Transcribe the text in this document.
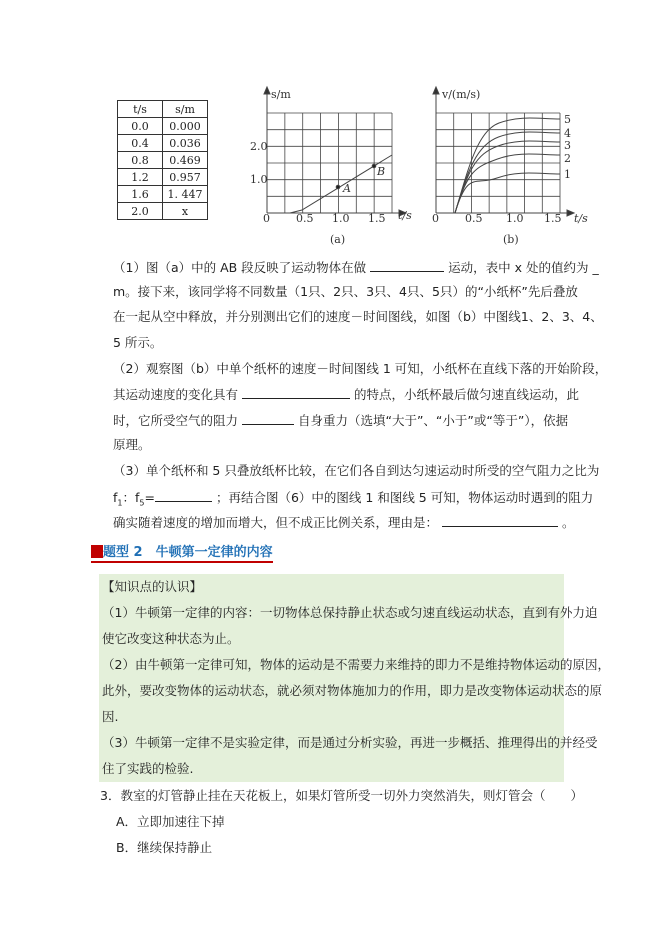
t/s	s/m
0.0	0.000
0.4	0.036
0.8	0.469
1.2	0.957
1.6	1. 447
2.0	x
s/m
t/s
1.0
2.0
0 0.5 1.0 1.5
A
B
(a)
v/(m/s)
t/s
0 0.5 1.0 1.5
5
4
3
2
1
(b)
（1）图（a）中的 AB 段反映了运动物体在做	运动，表中 x 处的值约为 _
m。接下来，该同学将不同数量（1只、2只、3只、4只、5只）的“小纸杯”先后叠放
在一起从空中释放，并分别测出它们的速度－时间图线，如图（b）中图线1、2、3、4、
5 所示。
（2）观察图（b）中单个纸杯的速度－时间图线 1 可知，小纸杯在直线下落的开始阶段，
其运动速度的变化具有	的特点，小纸杯最后做匀速直线运动，此
时，它所受空气的阻力	自身重力（选填“大于”、“小于”或“等于”），依据
原理。
（3）单个纸杯和 5 只叠放纸杯比较，在它们各自到达匀速运动时所受的空气阻力之比为
$f_1$：$f_5=$	；再结合图（6）中的图线 1 和图线 5 可知，物体运动时遇到的阻力
确实随着速度的增加而增大，但不成正比例关系，理由是：	。
题型 2　牛顿第一定律的内容
【知识点的认识】
（1）牛顿第一定律的内容：一切物体总保持静止状态或匀速直线运动状态，直到有外力迫
使它改变这种状态为止。
（2）由牛顿第一定律可知，物体的运动是不需要力来维持的即力不是维持物体运动的原因，
此外，要改变物体的运动状态，就必须对物体施加力的作用，即力是改变物体运动状态的原
因.
（3）牛顿第一定律不是实验定律，而是通过分析实验，再进一步概括、推理得出的并经受
住了实践的检验.
3．教室的灯管静止挂在天花板上，如果灯管所受一切外力突然消失，则灯管会（　　）
A．立即加速往下掉
B．继续保持静止
